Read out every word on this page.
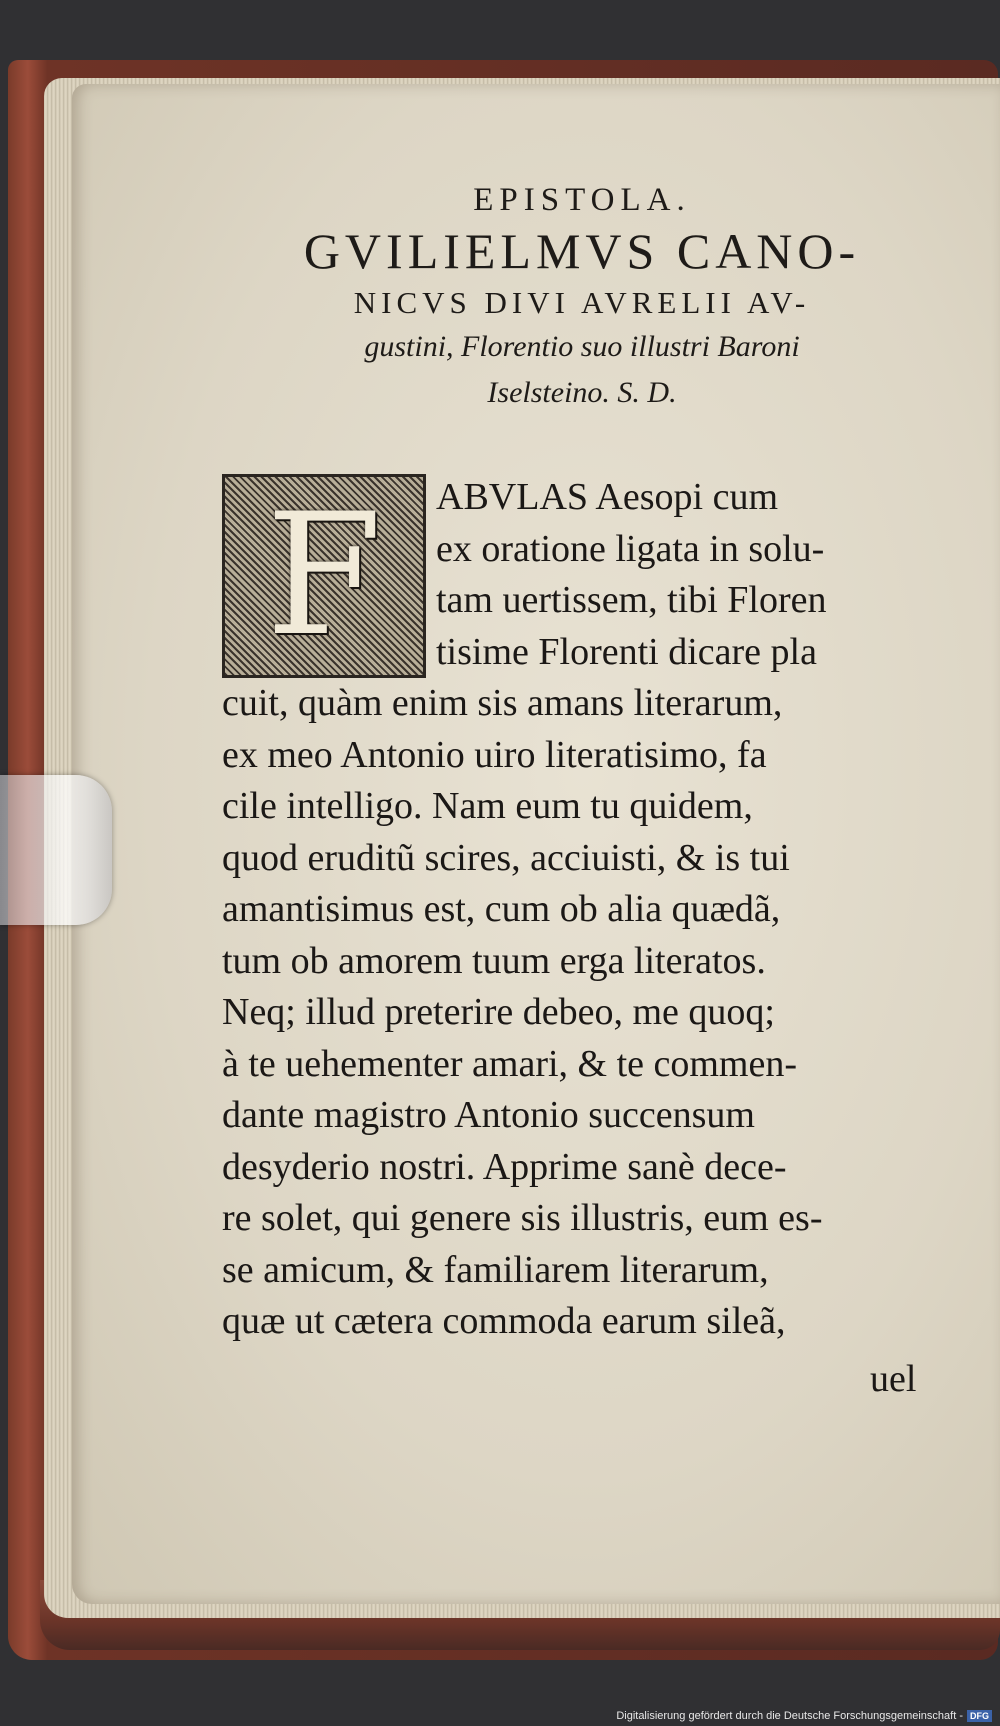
EPISTOLA.

GVILIELMVS CANO-

NICVS DIVI AVRELII AV-

gustini, Florentio suo illustri Baroni

Iselsteino. S. D.

F	ABVLAS Aesopi cum
ex oratione ligata in solu-
tam uertissem, tibi Floren
tisime Florenti dicare pla
cuit, quàm enim sis amans literarum,
ex meo Antonio uiro literatisimo, fa
cile intelligo. Nam eum tu quidem,
quod eruditũ scires, acciuisti, & is tui
amantisimus est, cum ob alia quædã,
tum ob amorem tuum erga literatos.
Neq; illud preterire debeo, me quoq;
à te uehementer amari, & te commen-
dante magistro Antonio succensum
desyderio nostri. Apprime sanè dece-
re solet, qui genere sis illustris, eum es-
se amicum, & familiarem literarum,
quæ ut cætera commoda earum sileã,
uel
Digitalisierung gefördert durch die Deutsche Forschungsgemeinschaft - DFG
